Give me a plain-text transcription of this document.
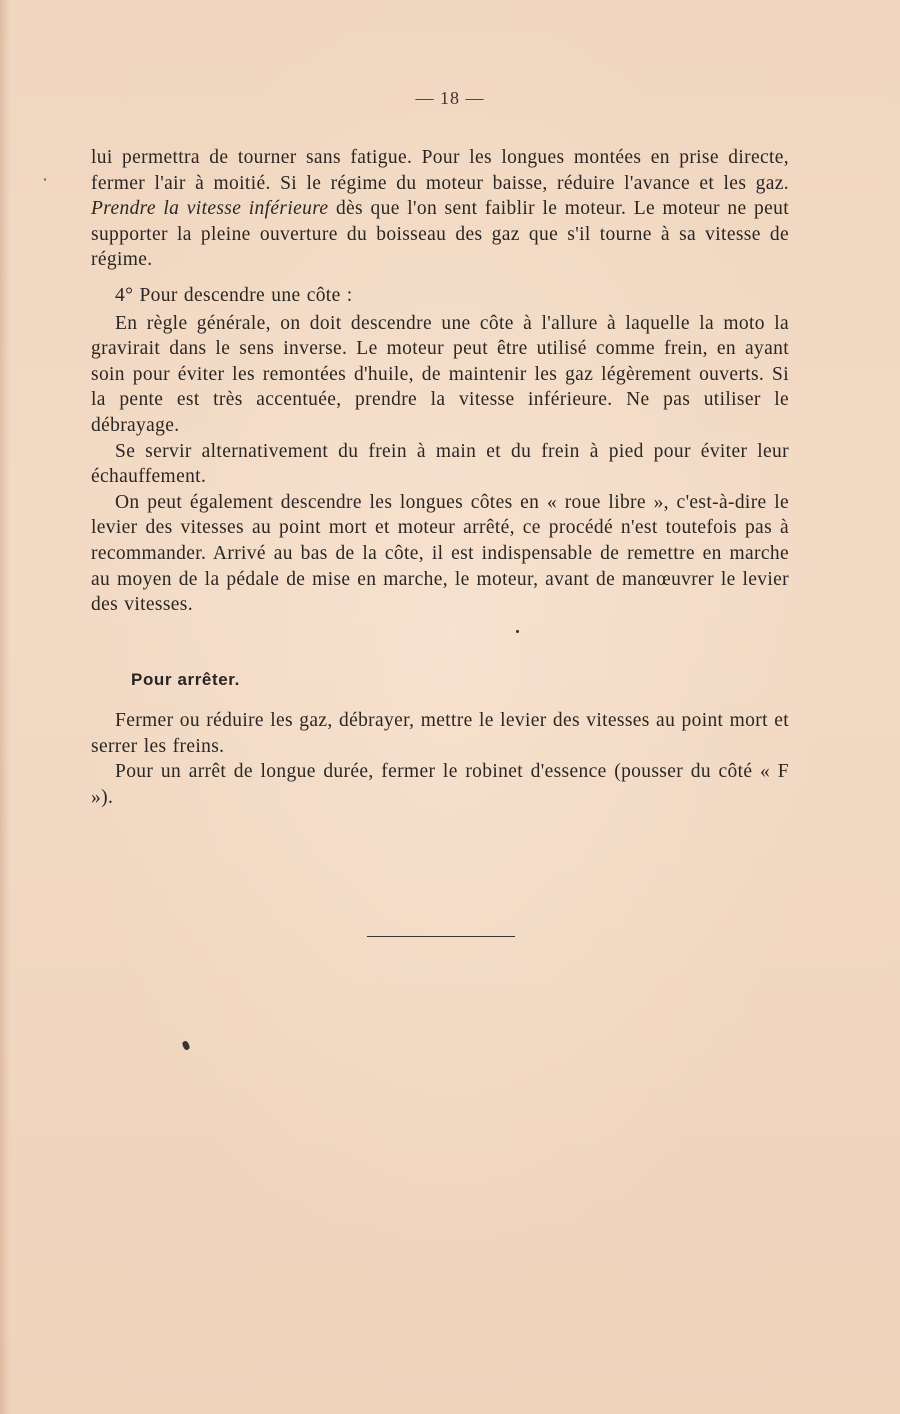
— 18 —

lui permettra de tourner sans fatigue. Pour les longues montées en prise directe, fermer l'air à moitié. Si le régime du moteur baisse, réduire l'avance et les gaz. Prendre la vitesse inférieure dès que l'on sent faiblir le moteur. Le moteur ne peut supporter la pleine ouverture du boisseau des gaz que s'il tourne à sa vitesse de régime.

4° Pour descendre une côte :

En règle générale, on doit descendre une côte à l'allure à laquelle la moto la gravirait dans le sens inverse. Le moteur peut être utilisé comme frein, en ayant soin pour éviter les remontées d'huile, de maintenir les gaz légèrement ouverts. Si la pente est très accentuée, prendre la vitesse inférieure. Ne pas utiliser le débrayage.

Se servir alternativement du frein à main et du frein à pied pour éviter leur échauffement.

On peut également descendre les longues côtes en « roue libre », c'est-à-dire le levier des vitesses au point mort et moteur arrêté, ce procédé n'est toutefois pas à recommander. Arrivé au bas de la côte, il est indispensable de remettre en marche au moyen de la pédale de mise en marche, le moteur, avant de manœuvrer le levier des vitesses.

Pour arrêter.

Fermer ou réduire les gaz, débrayer, mettre le levier des vitesses au point mort et serrer les freins.

Pour un arrêt de longue durée, fermer le robinet d'essence (pousser du côté « F »).
